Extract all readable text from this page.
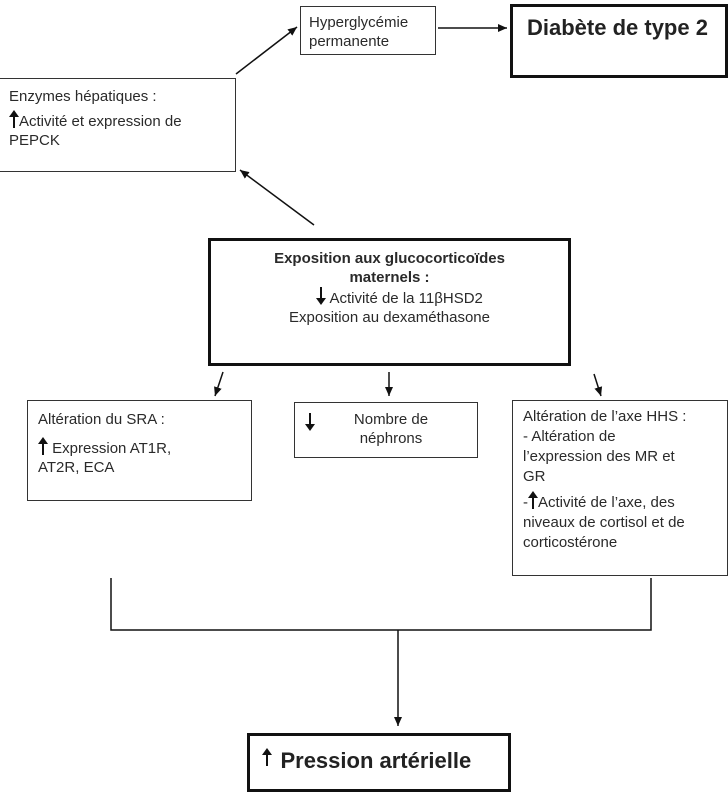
Hyperglycémie
permanente
Diabète de type 2
Enzymes hépatiques :
Activité et expression de
PEPCK
Exposition aux glucocorticoïdes
maternels :
Activité de la 11βHSD2
Exposition au dexaméthasone
Altération du SRA :
Expression AT1R,
AT2R, ECA
Nombre de
néphrons
Altération de l’axe HHS :
- Altération de
l’expression des MR et
GR
- Activité de l’axe, des
niveaux de cortisol et de
corticostérone
Pression artérielle
